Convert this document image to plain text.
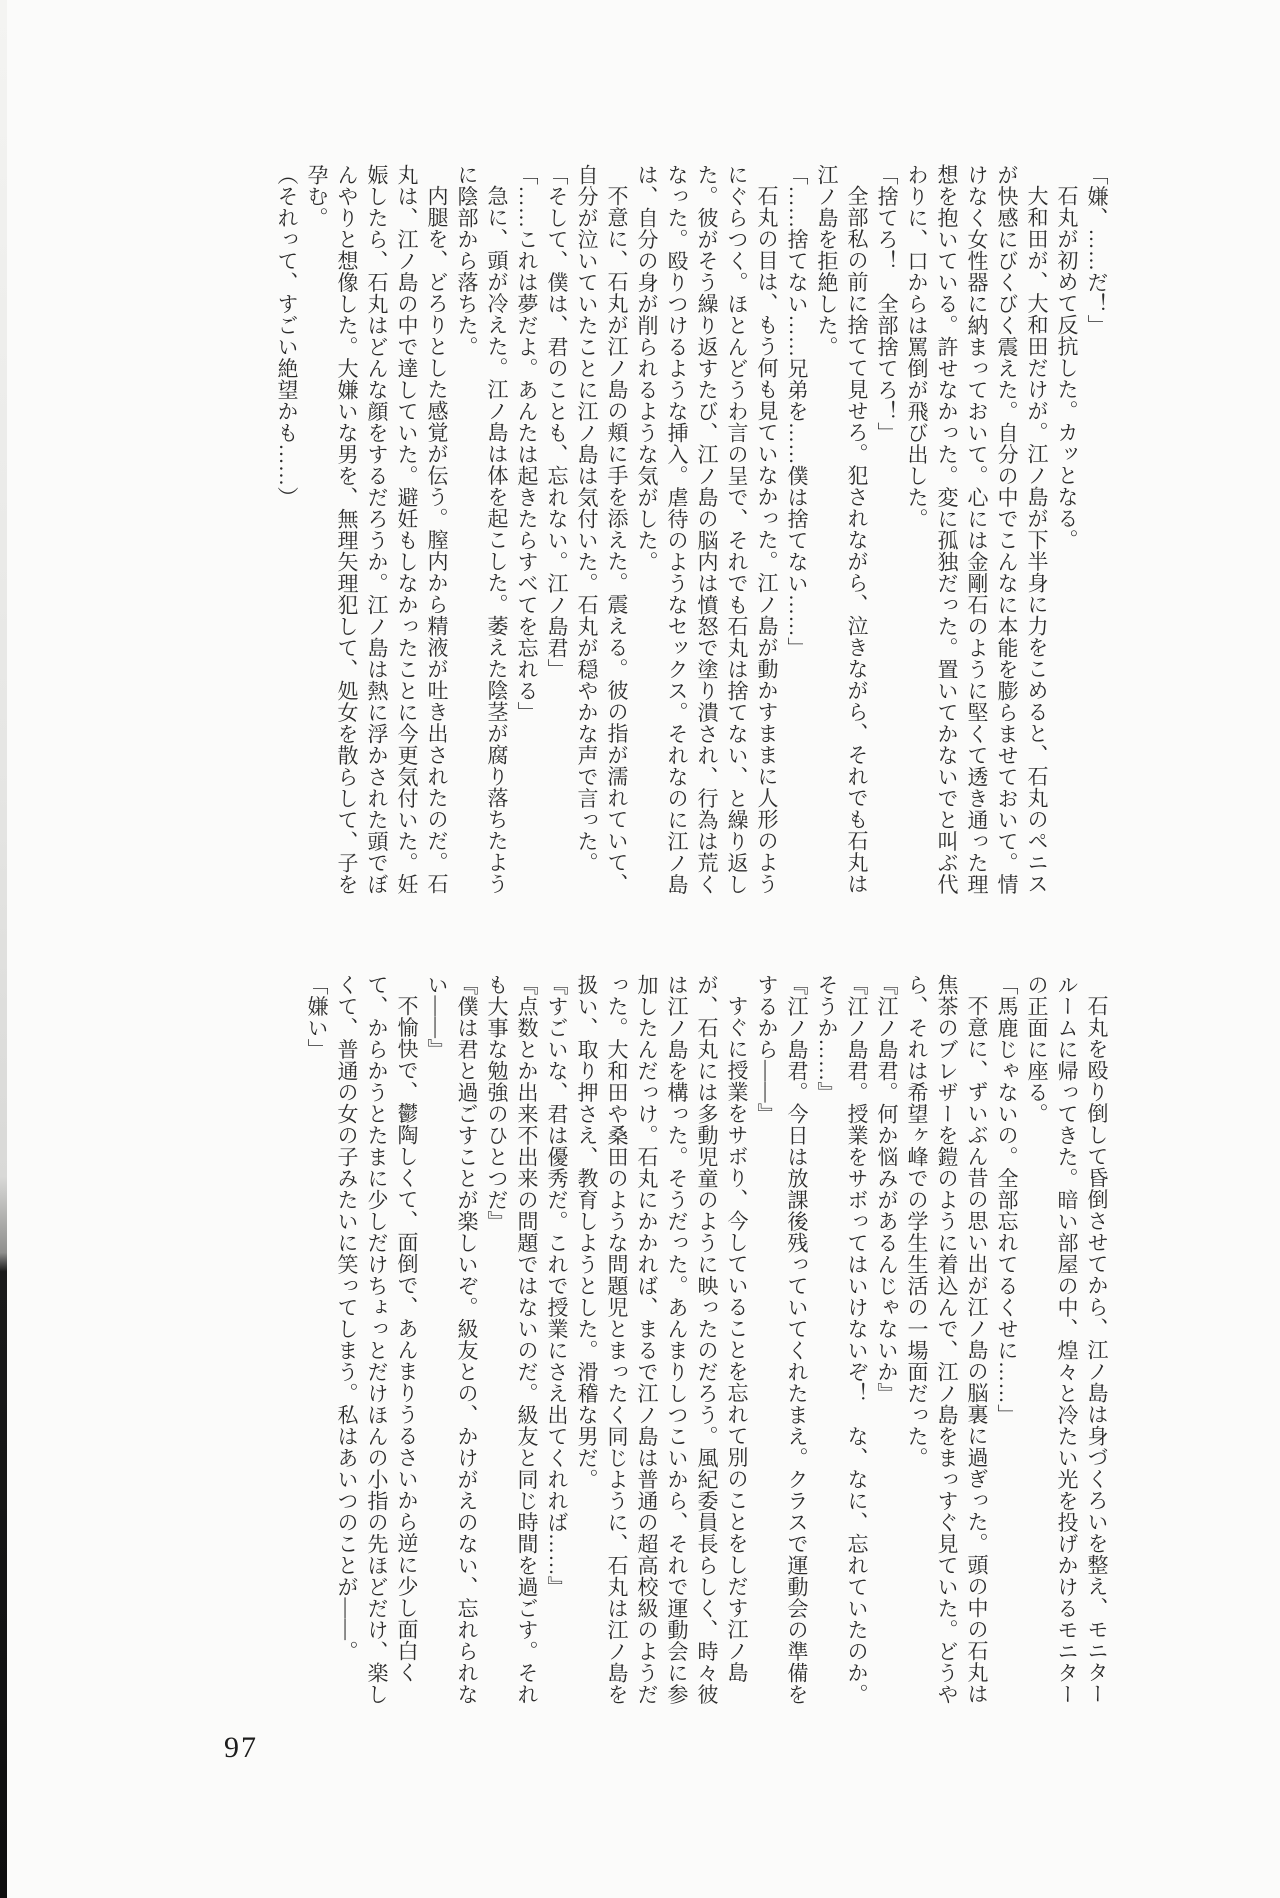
「嫌、……だ！」

石丸が初めて反抗した。カッとなる。

大和田が、大和田だけが。江ノ島が下半身に力をこめると、石丸のペニスが快感にびくびく震えた。自分の中でこんなに本能を膨らませておいて。情けなく女性器に納まっておいて。心には金剛石のように堅くて透き通った理想を抱いている。許せなかった。変に孤独だった。置いてかないでと叫ぶ代わりに、口からは罵倒が飛び出した。

「捨てろ！　全部捨てろ！」

全部私の前に捨てて見せろ。犯されながら、泣きながら、それでも石丸は江ノ島を拒絶した。

「……捨てない……兄弟を……僕は捨てない……」

石丸の目は、もう何も見ていなかった。江ノ島が動かすままに人形のようにぐらつく。ほとんどうわ言の呈で、それでも石丸は捨てない、と繰り返した。彼がそう繰り返すたび、江ノ島の脳内は憤怒で塗り潰され、行為は荒くなった。殴りつけるような挿入。虐待のようなセックス。それなのに江ノ島は、自分の身が削られるような気がした。

不意に、石丸が江ノ島の頬に手を添えた。震える。彼の指が濡れていて、自分が泣いていたことに江ノ島は気付いた。石丸が穏やかな声で言った。

「そして、僕は、君のことも、忘れない。江ノ島君」

「……これは夢だよ。あんたは起きたらすべてを忘れる」

急に、頭が冷えた。江ノ島は体を起こした。萎えた陰茎が腐り落ちたように陰部から落ちた。

内腿を、どろりとした感覚が伝う。膣内から精液が吐き出されたのだ。石丸は、江ノ島の中で達していた。避妊もしなかったことに今更気付いた。妊娠したら、石丸はどんな顔をするだろうか。江ノ島は熱に浮かされた頭でぼんやりと想像した。大嫌いな男を、無理矢理犯して、処女を散らして、子を孕む。

（それって、すごい絶望かも……）

石丸を殴り倒して昏倒させてから、江ノ島は身づくろいを整え、モニタールームに帰ってきた。暗い部屋の中、煌々と冷たい光を投げかけるモニターの正面に座る。

「馬鹿じゃないの。全部忘れてるくせに……」

不意に、ずいぶん昔の思い出が江ノ島の脳裏に過ぎった。頭の中の石丸は焦茶のブレザーを鎧のように着込んで、江ノ島をまっすぐ見ていた。どうやら、それは希望ヶ峰での学生生活の一場面だった。

『江ノ島君。何か悩みがあるんじゃないか』

『江ノ島君。授業をサボってはいけないぞ！　な、なに、忘れていたのか。そうか……』

『江ノ島君。今日は放課後残っていてくれたまえ。クラスで運動会の準備をするから――』

すぐに授業をサボり、今していることを忘れて別のことをしだす江ノ島が、石丸には多動児童のように映ったのだろう。風紀委員長らしく、時々彼は江ノ島を構った。そうだった。あんまりしつこいから、それで運動会に参加したんだっけ。石丸にかかれば、まるで江ノ島は普通の超高校級のようだった。大和田や桑田のような問題児とまったく同じように、石丸は江ノ島を扱い、取り押さえ、教育しようとした。滑稽な男だ。

『すごいな、君は優秀だ。これで授業にさえ出てくれれば……』

『点数とか出来不出来の問題ではないのだ。級友と同じ時間を過ごす。それも大事な勉強のひとつだ』

『僕は君と過ごすことが楽しいぞ。級友との、かけがえのない、忘れられない――』

不愉快で、鬱陶しくて、面倒で、あんまりうるさいから逆に少し面白くて、からかうとたまに少しだけちょっとだけほんの小指の先ほどだけ、楽しくて、普通の女の子みたいに笑ってしまう。私はあいつのことが――。

「嫌い」

97
